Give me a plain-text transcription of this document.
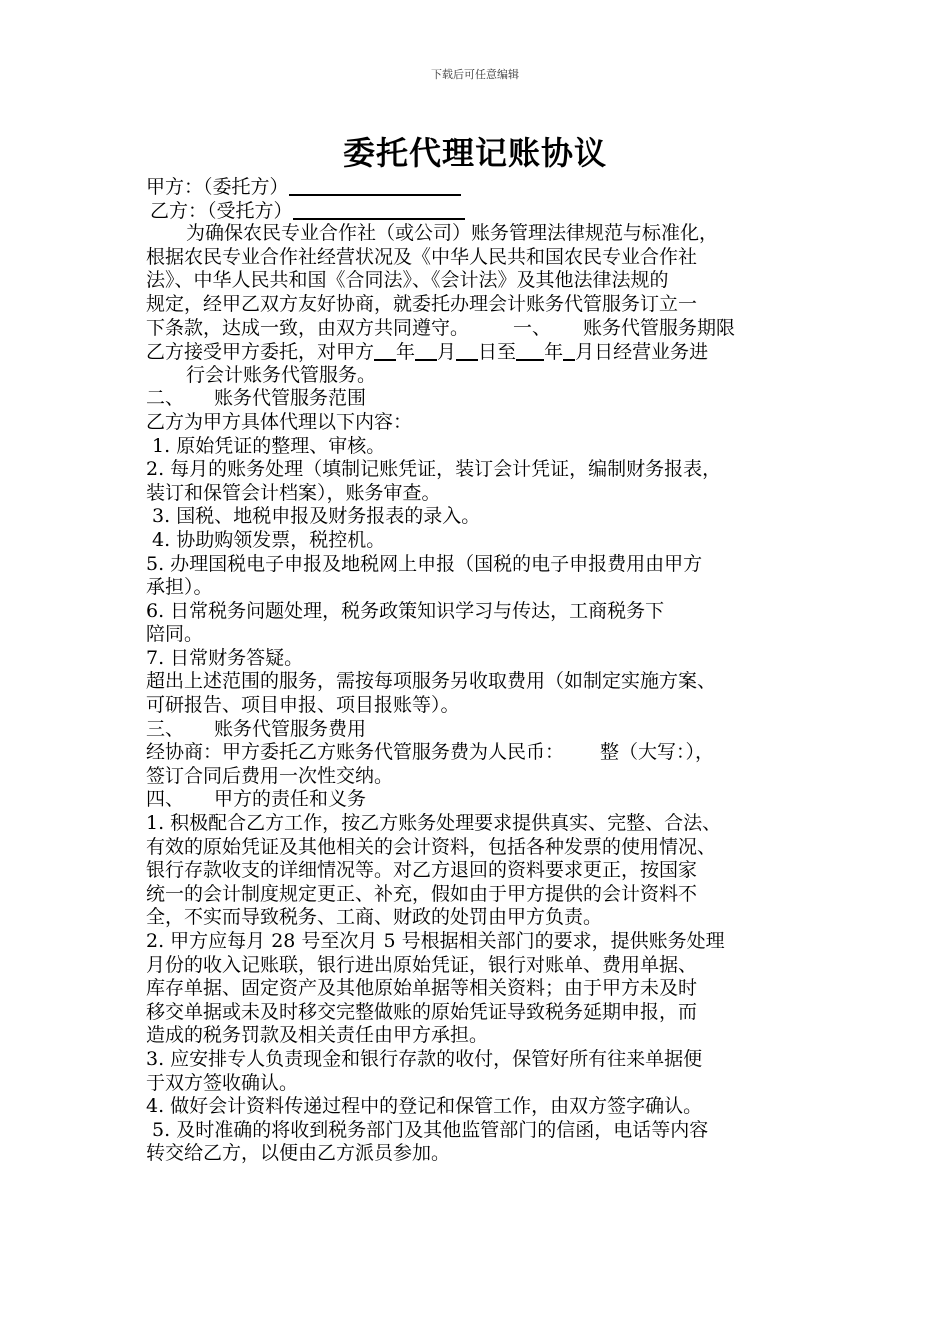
下载后可任意编辑
委托代理记账协议
甲方：（委托方）
乙方：（受托方）
为确保农民专业合作社（或公司）账务管理法律规范与标准化，
根据农民专业合作社经营状况及《中华人民共和国农民专业合作社
法》、中华人民共和国《合同法》、《会计法》及其他法律法规的
规定，经甲乙双方友好协商，就委托办理会计账务代管服务订立一
下条款，达成一致，由双方共同遵守。 一、 账务代管服务期限
乙方接受甲方委托，对甲方 年 月 日至 年 月日经营业务进
行会计账务代管服务。
二、 账务代管服务范围
乙方为甲方具体代理以下内容：
1. 原始凭证的整理、审核。
2. 每月的账务处理（填制记账凭证，装订会计凭证，编制财务报表，
装订和保管会计档案），账务审查。
3. 国税、地税申报及财务报表的录入。
4. 协助购领发票，税控机。
5. 办理国税电子申报及地税网上申报（国税的电子申报费用由甲方
承担）。
6. 日常税务问题处理，税务政策知识学习与传达，工商税务下
陪同。
7. 日常财务答疑。
超出上述范围的服务，需按每项服务另收取费用（如制定实施方案、
可研报告、项目申报、项目报账等）。
三、 账务代管服务费用
经协商：甲方委托乙方账务代管服务费为人民币： 整（大写：），
签订合同后费用一次性交纳。
四、 甲方的责任和义务
1. 积极配合乙方工作，按乙方账务处理要求提供真实、完整、合法、
有效的原始凭证及其他相关的会计资料，包括各种发票的使用情况、
银行存款收支的详细情况等。对乙方退回的资料要求更正，按国家
统一的会计制度规定更正、补充，假如由于甲方提供的会计资料不
全，不实而导致税务、工商、财政的处罚由甲方负责。
2. 甲方应每月 28 号至次月 5 号根据相关部门的要求，提供账务处理
月份的收入记账联，银行进出原始凭证，银行对账单、费用单据、
库存单据、固定资产及其他原始单据等相关资料；由于甲方未及时
移交单据或未及时移交完整做账的原始凭证导致税务延期申报，而
造成的税务罚款及相关责任由甲方承担。
3. 应安排专人负责现金和银行存款的收付，保管好所有往来单据便
于双方签收确认。
4. 做好会计资料传递过程中的登记和保管工作，由双方签字确认。
5. 及时准确的将收到税务部门及其他监管部门的信函，电话等内容
转交给乙方，以便由乙方派员参加。
